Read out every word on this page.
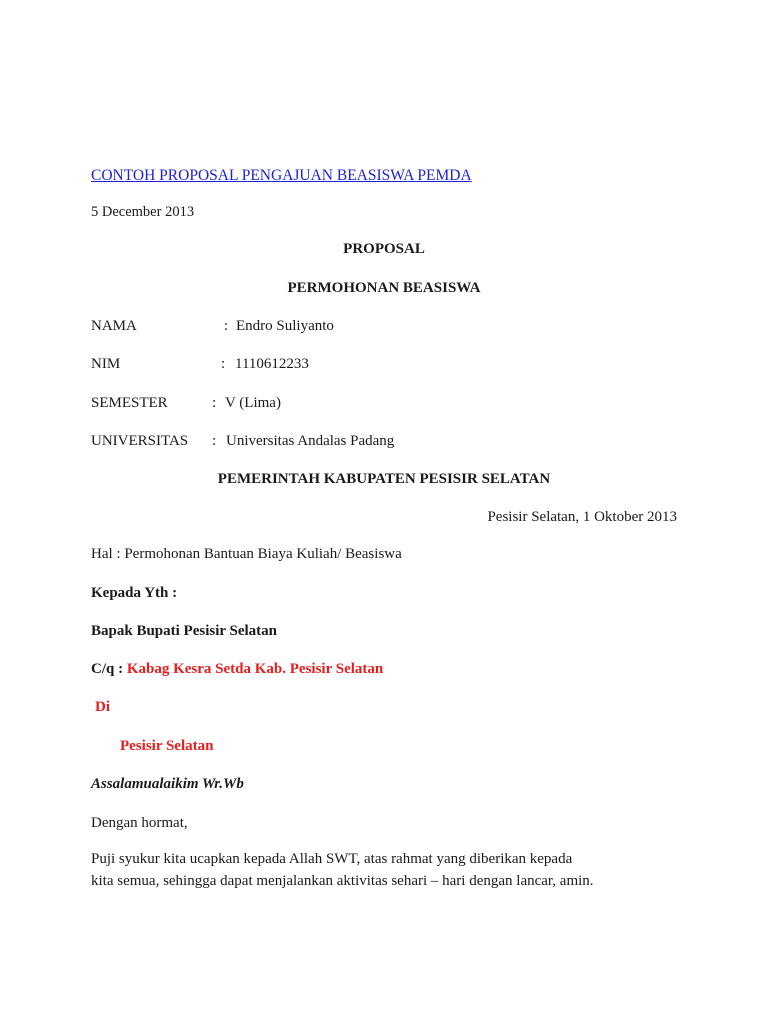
CONTOH PROPOSAL PENGAJUAN BEASISWA PEMDA
5 December 2013
PROPOSAL
PERMOHONAN BEASISWA
NAMA	: Endro Suliyanto
NIM	: 1110612233
SEMESTER	: V (Lima)
UNIVERSITAS : Universitas Andalas Padang
PEMERINTAH KABUPATEN PESISIR SELATAN
Pesisir Selatan, 1 Oktober 2013
Hal : Permohonan Bantuan Biaya Kuliah/ Beasiswa
Kepada Yth :
Bapak Bupati Pesisir Selatan
C/q : Kabag Kesra Setda Kab. Pesisir Selatan
Di
Pesisir Selatan
Assalamualaikim Wr.Wb
Dengan hormat,
Puji syukur kita ucapkan kepada Allah SWT, atas rahmat yang diberikan kepada
kita semua, sehingga dapat menjalankan aktivitas sehari – hari dengan lancar, amin.
